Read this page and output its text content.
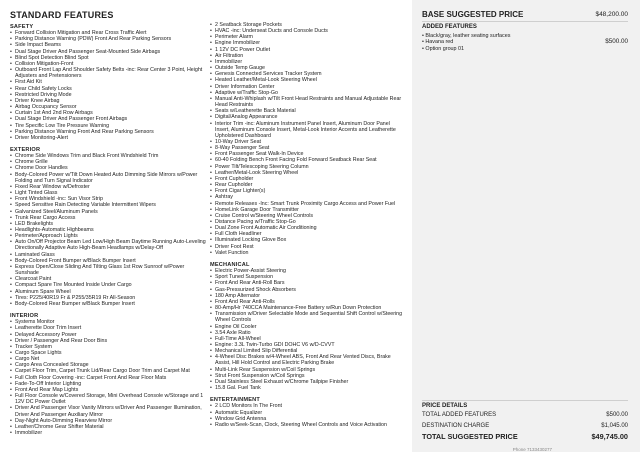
STANDARD FEATURES
SAFETY
• Forward Collision Mitigation and Rear Cross Traffic Alert
• Parking Distance Warning (PDW) Front And Rear Parking Sensors
• Side Impact Beams
• Dual Stage Driver And Passenger Seat-Mounted Side Airbags
• Blind Spot Detection Blind Spot
• Collision Mitigation-Front
• Outboard Front Lap And Shoulder Safety Belts -inc: Rear Center 3 Point, Height Adjusters and Pretensioners
• First Aid Kit
• Rear Child Safety Locks
• Restricted Driving Mode
• Driver Knee Airbag
• Airbag Occupancy Sensor
• Curtain 1st And 2nd Row Airbags
• Dual Stage Driver And Passenger Front Airbags
• Tire Specific Low Tire Pressure Warning
• Parking Distance Warning Front And Rear Parking Sensors
• Driver Monitoring-Alert
EXTERIOR
• Chrome Side Windows Trim and Black Front Windshield Trim
• Chrome Grille
• Chrome Door Handles
• Body-Colored Power w/Tilt Down Heated Auto Dimming Side Mirrors w/Power Folding and Turn Signal Indicator
• Fixed Rear Window w/Defroster
• Light Tinted Glass
• Front Windshield -inc: Sun Visor Strip
• Speed Sensitive Rain Detecting Variable Intermittent Wipers
• Galvanized Steel/Aluminum Panels
• Trunk Rear Cargo Access
• LED Brakelights
• Headlights-Automatic Highbeams
• Perimeter/Approach Lights
• Auto On/Off Projector Beam Led Low/High Beam Daytime Running Auto-Leveling Directionally Adaptive Auto High-Beam Headlamps w/Delay-Off
• Laminated Glass
• Body-Colored Front Bumper w/Black Bumper Insert
• Express Open/Close Sliding And Tilting Glass 1st Row Sunroof w/Power Sunshade
• Clearcoat Paint
• Compact Spare Tire Mounted Inside Under Cargo
• Aluminum Spare Wheel
• Tires: P225/40R19 Fr & P255/35R19 Rr All-Season
• Body-Colored Rear Bumper w/Black Bumper Insert
INTERIOR
• Systems Monitor
• Leatherette Door Trim Insert
• Delayed Accessory Power
• Driver / Passenger And Rear Door Bins
• Tracker System
• Cargo Space Lights
• Cargo Net
• Cargo Area Concealed Storage
• Carpet Floor Trim, Carpet Trunk Lid/Rear Cargo Door Trim and Carpet Mat
• Full Cloth Floor Covering -inc: Carpet Front And Rear Floor Mats
• Fade-To-Off Interior Lighting
• Front And Rear Map Lights
• Full Floor Console w/Covered Storage, Mini Overhead Console w/Storage and 1 12V DC Power Outlet
• Driver And Passenger Visor Vanity Mirrors w/Driver And Passenger Illumination, Driver And Passenger Auxiliary Mirror
• Day-Night Auto-Dimming Rearview Mirror
• Leather/Chrome Gear Shifter Material
• Immobilizer
• 2 Seatback Storage Pockets
• HVAC -inc: Underseat Ducts and Console Ducts
• Perimeter Alarm
• Engine Immobilizer
• 1 12V DC Power Outlet
• Air Filtration
• Immobilizer
• Outside Temp Gauge
• Genesis Connected Services Tracker System
• Heated Leather/Metal-Look Steering Wheel
• Driver Information Center
• Adaptive w/Traffic Stop-Go
• Manual Anti-Whiplash w/Tilt Front Head Restraints and Manual Adjustable Rear Head Restraints
• Seats w/Leatherette Back Material
• Digital/Analog Appearance
• Interior Trim -inc: Aluminum Instrument Panel Insert, Aluminum Door Panel Insert, Aluminum Console Insert, Metal-Look Interior Accents and Leatherette Upholstered Dashboard
• 10-Way Driver Seat
• 8-Way Passenger Seat
• Front Passenger Seat Walk-In Device
• 60-40 Folding Bench Front Facing Fold Forward Seatback Rear Seat
• Power Tilt/Telescoping Steering Column
• Leather/Metal-Look Steering Wheel
• Front Cupholder
• Rear Cupholder
• Front Cigar Lighter(s)
• Ashtray
• Remote Releases -Inc: Smart Trunk Proximity Cargo Access and Power Fuel
• HomeLink Garage Door Transmitter
• Cruise Control w/Steering Wheel Controls
• Distance Pacing w/Traffic Stop-Go
• Dual Zone Front Automatic Air Conditioning
• Full Cloth Headliner
• Illuminated Locking Glove Box
• Driver Foot Rest
• Valet Function
MECHANICAL
• Electric Power-Assist Steering
• Sport Tuned Suspension
• Front And Rear Anti-Roll Bars
• Gas-Pressurized Shock Absorbers
• 180 Amp Alternator
• Front And Rear Anti-Rolls
• 80-Amp/Hr 740CCA Maintenance-Free Battery w/Run Down Protection
• Transmission w/Driver Selectable Mode and Sequential Shift Control w/Steering Wheel Controls
• Engine Oil Cooler
• 3.54 Axle Ratio
• Full-Time All-Wheel
• Engine: 3.3L Twin-Turbo GDI DOHC V6 w/D-CVVT
• Mechanical Limited Slip Differential
• 4-Wheel Disc Brakes w/4-Wheel ABS, Front And Rear Vented Discs, Brake Assist, Hill Hold Control and Electric Parking Brake
• Multi-Link Rear Suspension w/Coil Springs
• Strut Front Suspension w/Coil Springs
• Dual Stainless Steel Exhaust w/Chrome Tailpipe Finisher
• 15.8 Gal. Fuel Tank
ENTERTAINMENT
• 2 LCD Monitors In The Front
• Automatic Equalizer
• Window Grid Antenna
• Radio w/Seek-Scan, Clock, Steering Wheel Controls and Voice Activation
BASE SUGGESTED PRICE	$48,200.00
ADDED FEATURES
• Black/gray, leather seating surfaces
• Havana red	$500.00
• Option group 01
PRICE DETAILS
TOTAL ADDED FEATURES	$500.00
DESTINATION CHARGE	$1,045.00
TOTAL SUGGESTED PRICE	$49,745.00
Phone 7133430277
